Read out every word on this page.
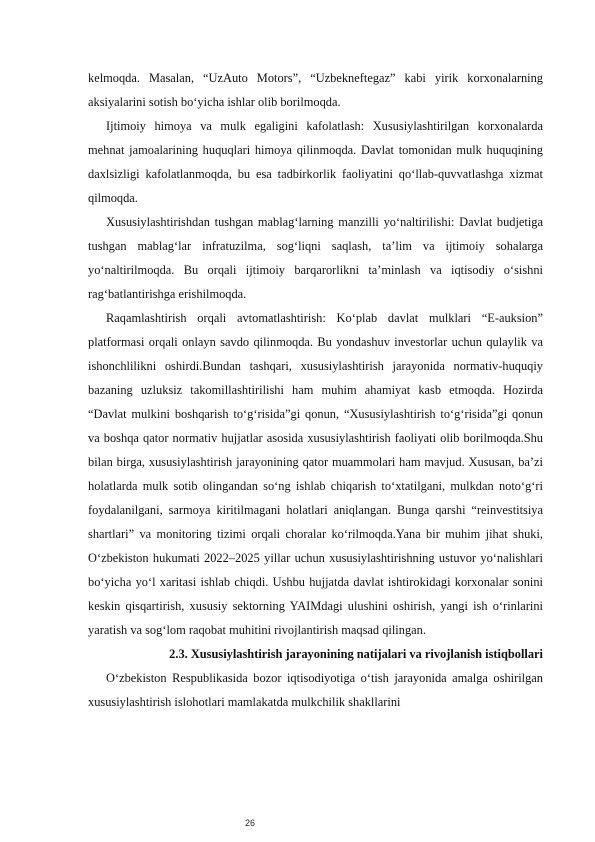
kelmoqda. Masalan, “UzAuto Motors”, “Uzbekneftegaz” kabi yirik korxonalarning aksiyalarini sotish bo‘yicha ishlar olib borilmoqda.

Ijtimoiy himoya va mulk egaligini kafolatlash: Xususiylashtirilgan korxonalarda mehnat jamoalarining huquqlari himoya qilinmoqda. Davlat tomonidan mulk huquqining daxlsizligi kafolatlanmoqda, bu esa tadbirkorlik faoliyatini qo‘llab-quvvatlashga xizmat qilmoqda.

Xususiylashtirishdan tushgan mablag‘larning manzilli yo‘naltirilishi: Davlat budjetiga tushgan mablag‘lar infratuzilma, sog‘liqni saqlash, ta’lim va ijtimoiy sohalarga yo‘naltirilmoqda. Bu orqali ijtimoiy barqarorlikni ta’minlash va iqtisodiy o‘sishni rag‘batlantirishga erishilmoqda.

Raqamlashtirish orqali avtomatlashtirish: Ko‘plab davlat mulklari “E-auksion” platformasi orqali onlayn savdo qilinmoqda. Bu yondashuv investorlar uchun qulaylik va ishonchlilikni oshirdi.Bundan tashqari, xususiylashtirish jarayonida normativ-huquqiy bazaning uzluksiz takomillashtirilishi ham muhim ahamiyat kasb etmoqda. Hozirda “Davlat mulkini boshqarish to‘g‘risida”gi qonun, “Xususiylashtirish to‘g‘risida”gi qonun va boshqa qator normativ hujjatlar asosida xususiylashtirish faoliyati olib borilmoqda.Shu bilan birga, xususiylashtirish jarayonining qator muammolari ham mavjud. Xususan, ba’zi holatlarda mulk sotib olingandan so‘ng ishlab chiqarish to‘xtatilgani, mulkdan noto‘g‘ri foydalanilgani, sarmoya kiritilmagani holatlari aniqlangan. Bunga qarshi “reinvestitsiya shartlari” va monitoring tizimi orqali choralar ko‘rilmoqda.Yana bir muhim jihat shuki, O‘zbekiston hukumati 2022–2025 yillar uchun xususiylashtirishning ustuvor yo‘nalishlari bo‘yicha yo‘l xaritasi ishlab chiqdi. Ushbu hujjatda davlat ishtirokidagi korxonalar sonini keskin qisqartirish, xususiy sektorning YAIMdagi ulushini oshirish, yangi ish o‘rinlarini yaratish va sog‘lom raqobat muhitini rivojlantirish maqsad qilingan.

2.3. Xususiylashtirish jarayonining natijalari va rivojlanish istiqbollari

O‘zbekiston Respublikasida bozor iqtisodiyotiga o‘tish jarayonida amalga oshirilgan xususiylashtirish islohotlari mamlakatda mulkchilik shakllarini

26
